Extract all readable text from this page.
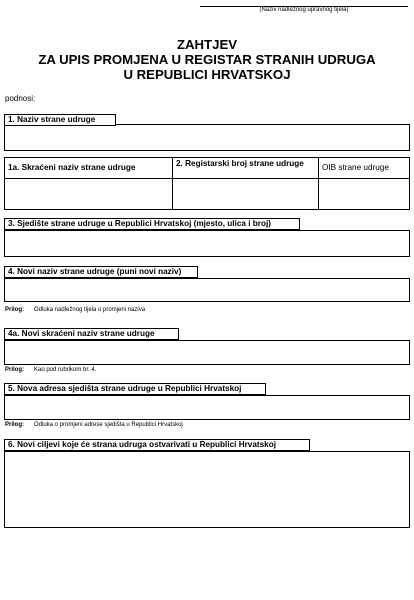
(Naziv nadležnog upravnog tijela)
ZAHTJEV
ZA UPIS PROMJENA U REGISTAR STRANIH UDRUGA
U REPUBLICI HRVATSKOJ
podnosi:
1. Naziv strane udruge
1a. Skraćeni naziv strane udruge	2. Registarski broj strane udruge	OIB strane udruge
3. Sjedište strane udruge u Republici Hrvatskoj (mjesto, ulica i broj)
4. Novi naziv strane udruge (puni novi naziv)
Prilog: Odluka nadležnog tijela o promjeni naziva
4a. Novi skraćeni naziv strane udruge
Prilog: Kao pod rubrikom br. 4.
5. Nova adresa sjedišta strane udruge u Republici Hrvatskoj
Prilog: Odluka o promjeni adrese sjedišta u Republici Hrvatskoj
6. Novi ciljevi koje će strana udruga ostvarivati u Republici Hrvatskoj
